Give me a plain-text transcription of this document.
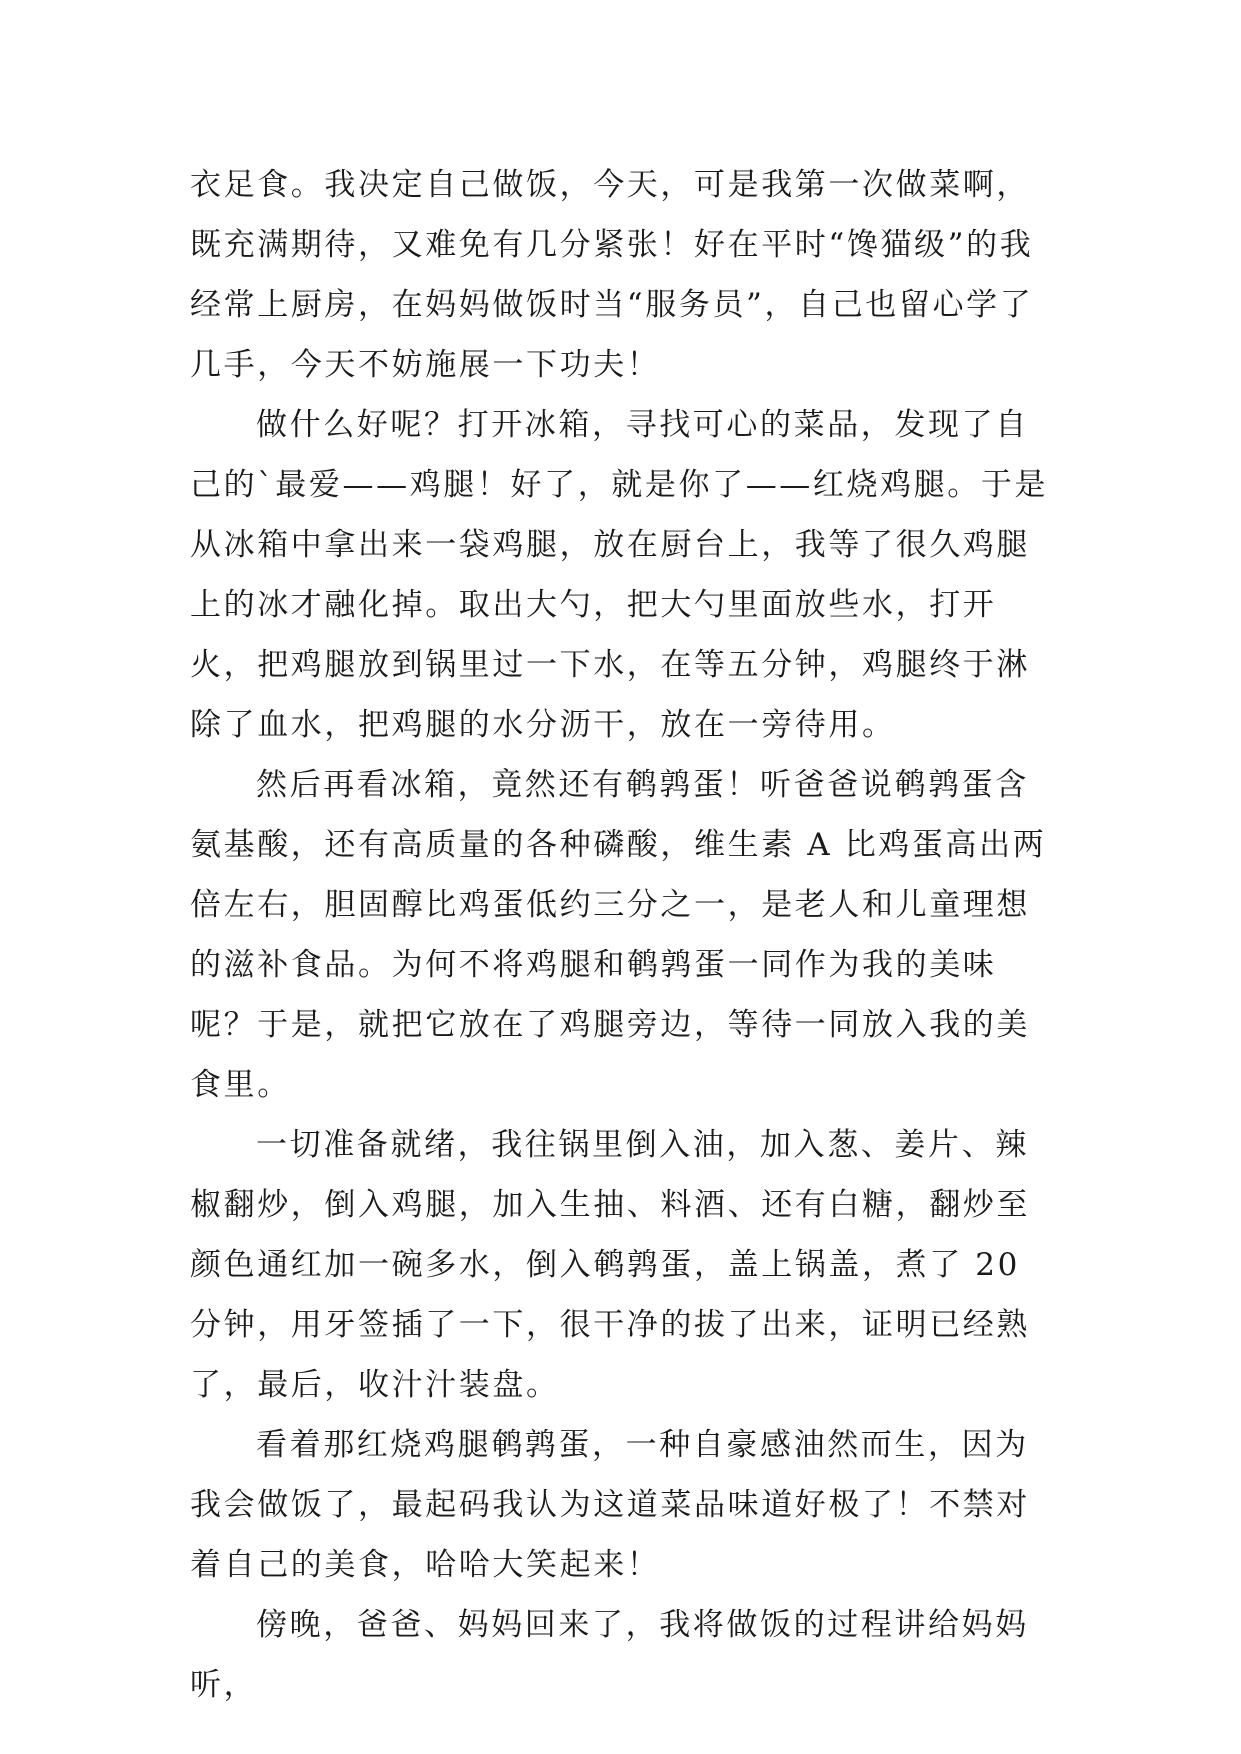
衣足食。我决定自己做饭，今天，可是我第一次做菜啊，既充满期待，又难免有几分紧张！好在平时“馋猫级”的我经常上厨房，在妈妈做饭时当“服务员”，自己也留心学了几手，今天不妨施展一下功夫！

做什么好呢？打开冰箱，寻找可心的菜品，发现了自己的`最爱——鸡腿！好了，就是你了——红烧鸡腿。于是从冰箱中拿出来一袋鸡腿，放在厨台上，我等了很久鸡腿上的冰才融化掉。取出大勺，把大勺里面放些水，打开火，把鸡腿放到锅里过一下水，在等五分钟，鸡腿终于淋除了血水，把鸡腿的水分沥干，放在一旁待用。

然后再看冰箱，竟然还有鹌鹑蛋！听爸爸说鹌鹑蛋含氨基酸，还有高质量的各种磷酸，维生素 A 比鸡蛋高出两倍左右，胆固醇比鸡蛋低约三分之一，是老人和儿童理想的滋补食品。为何不将鸡腿和鹌鹑蛋一同作为我的美味呢？于是，就把它放在了鸡腿旁边，等待一同放入我的美食里。

一切准备就绪，我往锅里倒入油，加入葱、姜片、辣椒翻炒，倒入鸡腿，加入生抽、料酒、还有白糖，翻炒至颜色通红加一碗多水，倒入鹌鹑蛋，盖上锅盖，煮了 20 分钟，用牙签插了一下，很干净的拔了出来，证明已经熟了，最后，收汁汁装盘。

看着那红烧鸡腿鹌鹑蛋，一种自豪感油然而生，因为我会做饭了，最起码我认为这道菜品味道好极了！不禁对着自己的美食，哈哈大笑起来！

傍晚，爸爸、妈妈回来了，我将做饭的过程讲给妈妈听，
